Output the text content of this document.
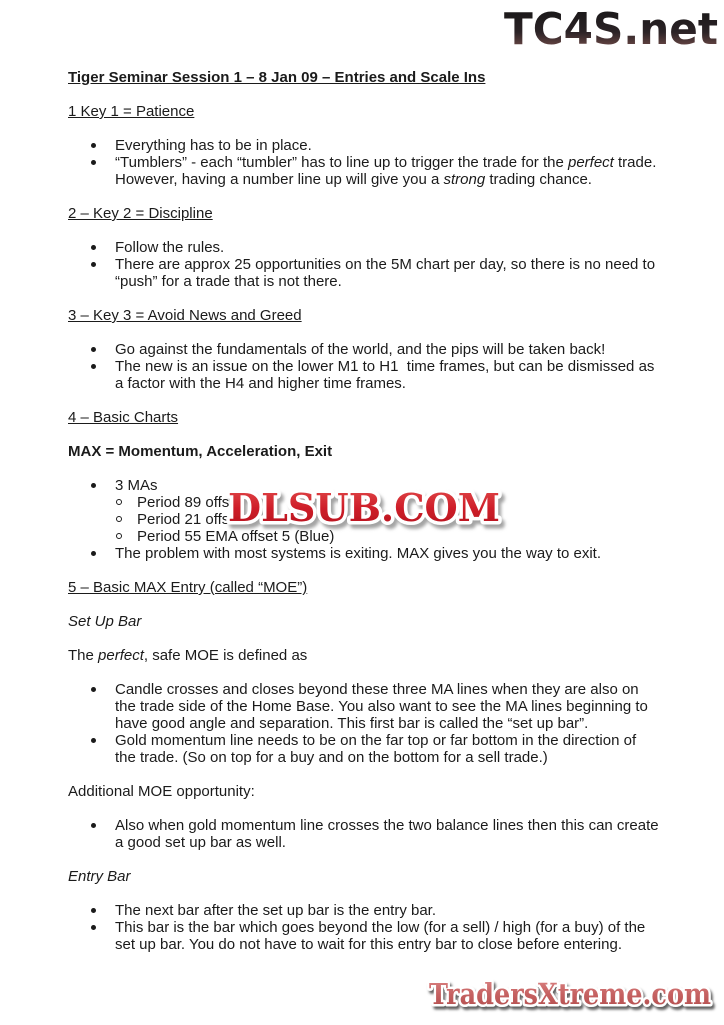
TC4S.net

Tiger Seminar Session 1 – 8 Jan 09 – Entries and Scale Ins

1 Key 1 = Patience

Everything has to be in place.
“Tumblers” - each “tumbler” has to line up to trigger the trade for the perfect trade. However, having a number line up will give you a strong trading chance.

2 – Key 2 = Discipline

Follow the rules.
There are approx 25 opportunities on the 5M chart per day, so there is no need to “push” for a trade that is not there.

3 – Key 3 = Avoid News and Greed

Go against the fundamentals of the world, and the pips will be taken back!
The new is an issue on the lower M1 to H1  time frames, but can be dismissed as a factor with the H4 and higher time frames.

4 – Basic Charts

MAX = Momentum, Acceleration, Exit

3 MAs
Period 89 offs
Period 21 offs
Period 55 EMA offset 5 (Blue)
The problem with most systems is exiting. MAX gives you the way to exit.

5 – Basic MAX Entry (called “MOE”)

Set Up Bar

The perfect, safe MOE is defined as

Candle crosses and closes beyond these three MA lines when they are also on the trade side of the Home Base. You also want to see the MA lines beginning to have good angle and separation. This first bar is called the “set up bar”.
Gold momentum line needs to be on the far top or far bottom in the direction of the trade. (So on top for a buy and on the bottom for a sell trade.)

Additional MOE opportunity:

Also when gold momentum line crosses the two balance lines then this can create a good set up bar as well.

Entry Bar

The next bar after the set up bar is the entry bar.
This bar is the bar which goes beyond the low (for a sell) / high (for a buy) of the set up bar. You do not have to wait for this entry bar to close before entering.
DLSUB.COM
TradersXtreme.com
